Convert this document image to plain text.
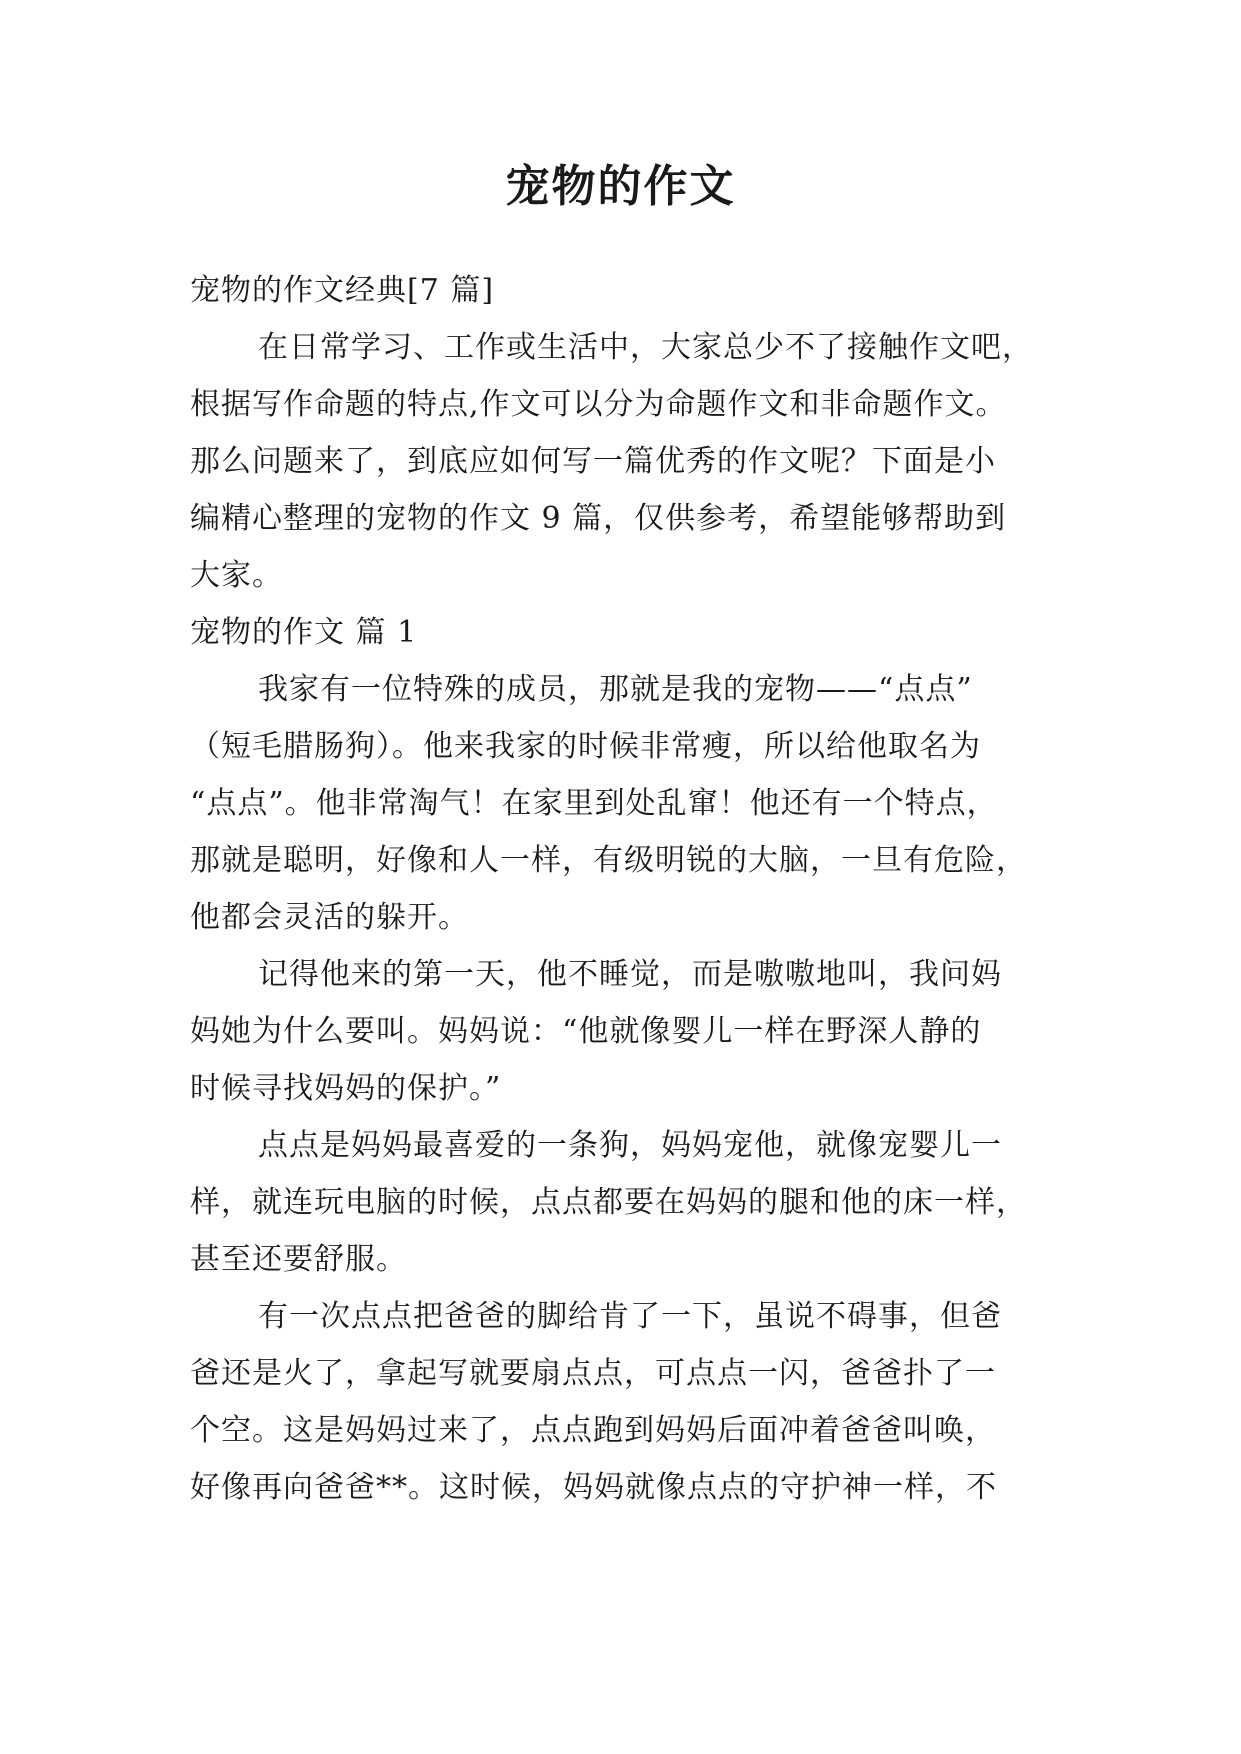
宠物的作文

宠物的作文经典[7 篇]

在日常学习、工作或生活中，大家总少不了接触作文吧，

根据写作命题的特点,作文可以分为命题作文和非命题作文。

那么问题来了，到底应如何写一篇优秀的作文呢？下面是小

编精心整理的宠物的作文 9 篇，仅供参考，希望能够帮助到

大家。

宠物的作文 篇 1

我家有一位特殊的成员，那就是我的宠物——“点点”

（短毛腊肠狗）。他来我家的时候非常瘦，所以给他取名为

“点点”。他非常淘气！在家里到处乱窜！他还有一个特点，

那就是聪明，好像和人一样，有级明锐的大脑，一旦有危险，

他都会灵活的躲开。

记得他来的第一天，他不睡觉，而是嗷嗷地叫，我问妈

妈她为什么要叫。妈妈说：“他就像婴儿一样在野深人静的

时候寻找妈妈的保护。”

点点是妈妈最喜爱的一条狗，妈妈宠他，就像宠婴儿一

样，就连玩电脑的时候，点点都要在妈妈的腿和他的床一样，

甚至还要舒服。

有一次点点把爸爸的脚给肯了一下，虽说不碍事，但爸

爸还是火了，拿起写就要扇点点，可点点一闪，爸爸扑了一

个空。这是妈妈过来了，点点跑到妈妈后面冲着爸爸叫唤，

好像再向爸爸**。这时候，妈妈就像点点的守护神一样，不
